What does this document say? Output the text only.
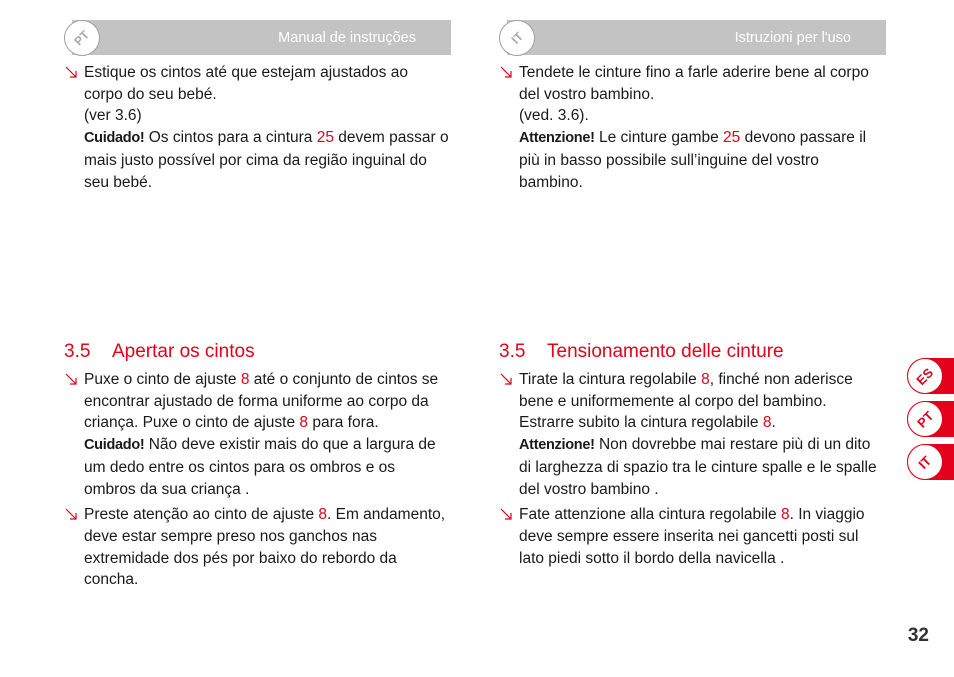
PT	Manual de instruções	IT	Istruzioni per l'uso
Estique os cintos até que estejam ajustados ao corpo do seu bebé.
(ver 3.6)
Cuidado! Os cintos para a cintura 25 devem passar o mais justo possível por cima da região inguinal do seu bebé.
Tendete le cinture fino a farle aderire bene al corpo del vostro bambino.
(ved. 3.6).
Attenzione! Le cinture gambe 25 devono passare il più in basso possibile sull’inguine del vostro bambino.
3.5 Apertar os cintos	3.5 Tensionamento delle cinture
Puxe o cinto de ajuste 8 até o conjunto de cintos se encontrar ajustado de forma uniforme ao corpo da criança. Puxe o cinto de ajuste 8 para fora.
Cuidado! Não deve existir mais do que a largura de um dedo entre os cintos para os ombros e os ombros da sua criança .
Preste atenção ao cinto de ajuste 8. Em andamento, deve estar sempre preso nos ganchos nas extremidade dos pés por baixo do rebordo da concha.
Tirate la cintura regolabile 8, finché non aderisce bene e uniformemente al corpo del bambino. Estrarre subito la cintura regolabile 8.
Attenzione! Non dovrebbe mai restare più di un dito di larghezza di spazio tra le cinture spalle e le spalle del vostro bambino .
Fate attenzione alla cintura regolabile 8. In viaggio deve sempre essere inserita nei gancetti posti sul lato piedi sotto il bordo della navicella .
ES
PT
IT
32
